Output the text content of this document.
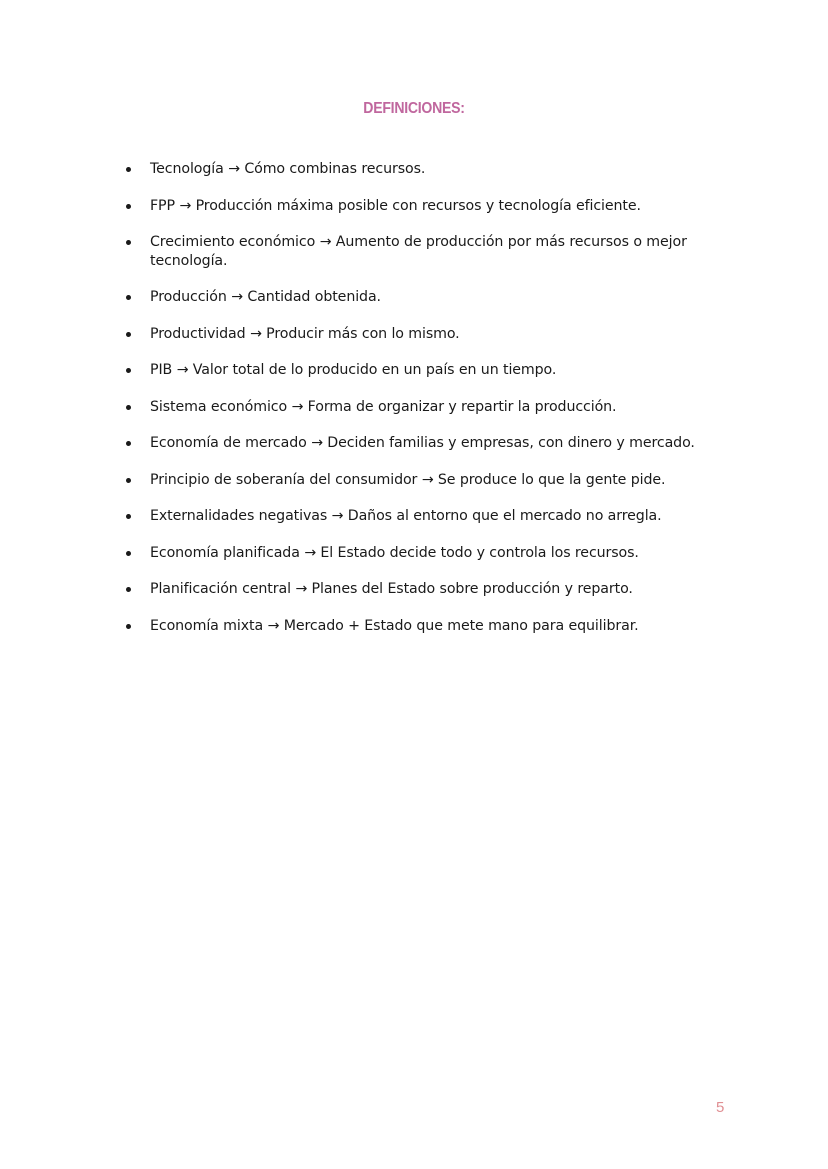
DEFINICIONES:
Tecnología → Cómo combinas recursos.
FPP → Producción máxima posible con recursos y tecnología eficiente.
Crecimiento económico → Aumento de producción por más recursos o mejor tecnología.
Producción → Cantidad obtenida.
Productividad → Producir más con lo mismo.
PIB → Valor total de lo producido en un país en un tiempo.
Sistema económico → Forma de organizar y repartir la producción.
Economía de mercado → Deciden familias y empresas, con dinero y mercado.
Principio de soberanía del consumidor → Se produce lo que la gente pide.
Externalidades negativas → Daños al entorno que el mercado no arregla.
Economía planificada → El Estado decide todo y controla los recursos.
Planificación central → Planes del Estado sobre producción y reparto.
Economía mixta → Mercado + Estado que mete mano para equilibrar.
5
